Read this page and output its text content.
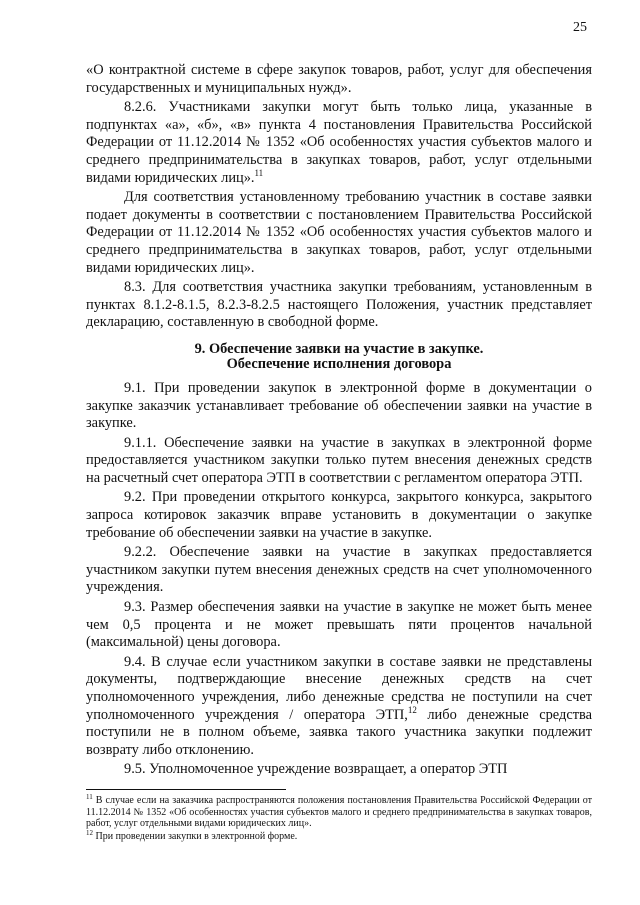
25

«О контрактной системе в сфере закупок товаров, работ, услуг для обеспечения государственных и муниципальных нужд».

8.2.6. Участниками закупки могут быть только лица, указанные в подпунктах «а», «б», «в» пункта 4 постановления Правительства Российской Федерации от 11.12.2014 № 1352 «Об особенностях участия субъектов малого и среднего предпринимательства в закупках товаров, работ, услуг отдельными видами юридических лиц».$^{11}$

Для соответствия установленному требованию участник в составе заявки подает документы в соответствии с постановлением Правительства Российской Федерации от 11.12.2014 № 1352 «Об особенностях участия субъектов малого и среднего предпринимательства в закупках товаров, работ, услуг отдельными видами юридических лиц».

8.3. Для соответствия участника закупки требованиям, установленным в пунктах 8.1.2-8.1.5, 8.2.3-8.2.5 настоящего Положения, участник представляет декларацию, составленную в свободной форме.

9. Обеспечение заявки на участие в закупке.
Обеспечение исполнения договора

9.1. При проведении закупок в электронной форме в документации о закупке заказчик устанавливает требование об обеспечении заявки на участие в закупке.

9.1.1. Обеспечение заявки на участие в закупках в электронной форме предоставляется участником закупки только путем внесения денежных средств на расчетный счет оператора ЭТП в соответствии с регламентом оператора ЭТП.

9.2. При проведении открытого конкурса, закрытого конкурса, закрытого запроса котировок заказчик вправе установить в документации о закупке требование об обеспечении заявки на участие в закупке.

9.2.2. Обеспечение заявки на участие в закупках предоставляется участником закупки путем внесения денежных средств на счет уполномоченного учреждения.

9.3. Размер обеспечения заявки на участие в закупке не может быть менее чем 0,5 процента и не может превышать пяти процентов начальной (максимальной) цены договора.

9.4. В случае если участником закупки в составе заявки не представлены документы, подтверждающие внесение денежных средств на счет уполномоченного учреждения, либо денежные средства не поступили на счет уполномоченного учреждения / оператора ЭТП,$^{12}$ либо денежные средства поступили не в полном объеме, заявка такого участника закупки подлежит возврату либо отклонению.

9.5. Уполномоченное учреждение возвращает, а оператор ЭТП

$^{11}$ В случае если на заказчика распространяются положения постановления Правительства Российской Федерации от 11.12.2014 № 1352 «Об особенностях участия субъектов малого и среднего предпринимательства в закупках товаров, работ, услуг отдельными видами юридических лиц».

$^{12}$ При проведении закупки в электронной форме.
